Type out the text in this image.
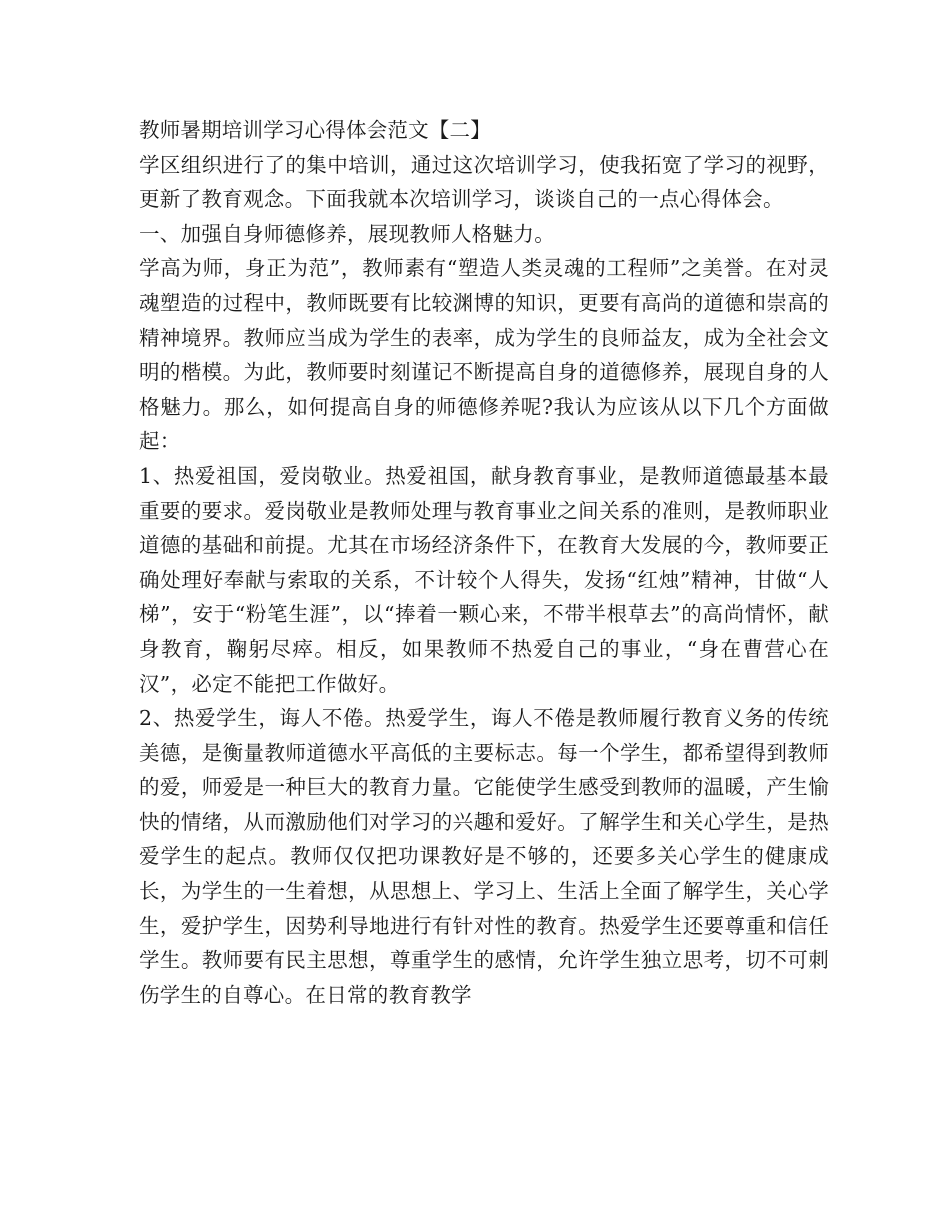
教师暑期培训学习心得体会范文【二】

学区组织进行了的集中培训，通过这次培训学习，使我拓宽了学习的视野，更新了教育观念。下面我就本次培训学习，谈谈自己的一点心得体会。

一、加强自身师德修养，展现教师人格魅力。

学高为师，身正为范”，教师素有“塑造人类灵魂的工程师”之美誉。在对灵魂塑造的过程中，教师既要有比较渊博的知识，更要有高尚的道德和崇高的精神境界。教师应当成为学生的表率，成为学生的良师益友，成为全社会文明的楷模。为此，教师要时刻谨记不断提高自身的道德修养，展现自身的人格魅力。那么，如何提高自身的师德修养呢?我认为应该从以下几个方面做起：

1、热爱祖国，爱岗敬业。热爱祖国，献身教育事业，是教师道德最基本最重要的要求。爱岗敬业是教师处理与教育事业之间关系的准则，是教师职业道德的基础和前提。尤其在市场经济条件下，在教育大发展的今，教师要正确处理好奉献与索取的关系，不计较个人得失，发扬“红烛”精神，甘做“人梯”，安于“粉笔生涯”，以“捧着一颗心来，不带半根草去”的高尚情怀，献身教育，鞠躬尽瘁。相反，如果教师不热爱自己的事业，“身在曹营心在汉”，必定不能把工作做好。

2、热爱学生，诲人不倦。热爱学生，诲人不倦是教师履行教育义务的传统美德，是衡量教师道德水平高低的主要标志。每一个学生，都希望得到教师的爱，师爱是一种巨大的教育力量。它能使学生感受到教师的温暖，产生愉快的情绪，从而激励他们对学习的兴趣和爱好。了解学生和关心学生，是热爱学生的起点。教师仅仅把功课教好是不够的，还要多关心学生的健康成长，为学生的一生着想，从思想上、学习上、生活上全面了解学生，关心学生，爱护学生，因势利导地进行有针对性的教育。热爱学生还要尊重和信任学生。教师要有民主思想，尊重学生的感情，允许学生独立思考，切不可刺伤学生的自尊心。在日常的教育教学
